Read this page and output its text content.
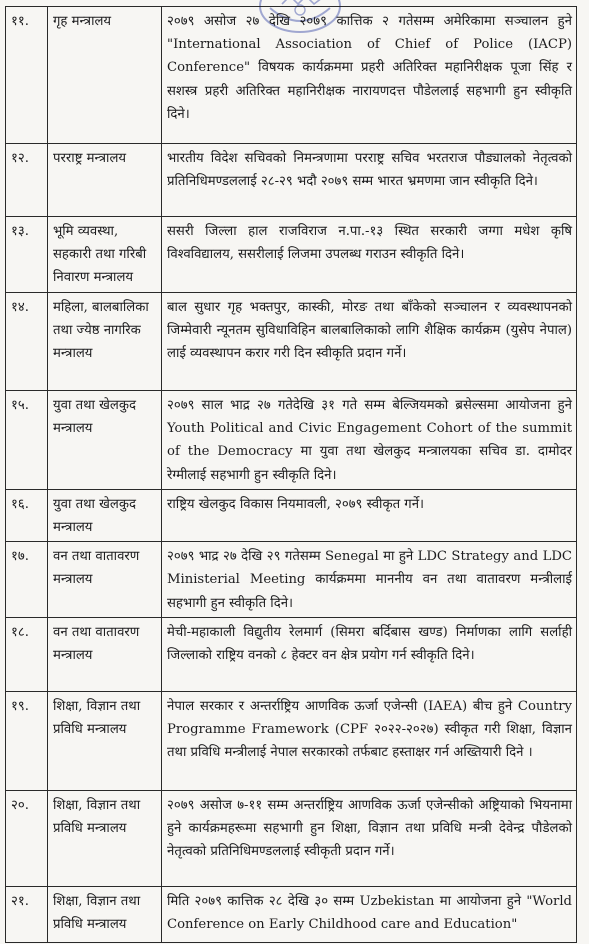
११.	गृह मन्त्रालय	२०७९ असोज २७ देखि २०७९ कात्तिक २ गतेसम्म अमेरिकामा सञ्चालन हुने "International Association of Chief of Police (IACP) Conference" विषयक कार्यक्रममा प्रहरी अतिरिक्त महानिरीक्षक पूजा सिंह र सशस्त्र प्रहरी अतिरिक्त महानिरीक्षक नारायणदत्त पौडेललाई सहभागी हुन स्वीकृति दिने।
१२.	परराष्ट्र मन्त्रालय	भारतीय विदेश सचिवको निमन्त्रणामा परराष्ट्र सचिव भरतराज पौड्यालको नेतृत्वको प्रतिनिधिमण्डललाई २८-२९ भदौ २०७९ सम्म भारत भ्रमणमा जान स्वीकृति दिने।
१३.	भूमि व्यवस्था, सहकारी तथा गरिबी निवारण मन्त्रालय	ससरी जिल्ला हाल राजविराज न.पा.-१३ स्थित सरकारी जग्गा मधेश कृषि विश्वविद्यालय, ससरीलाई लिजमा उपलब्ध गराउन स्वीकृति दिने।
१४.	महिला, बालबालिका तथा ज्येष्ठ नागरिक मन्त्रालय	बाल सुधार गृह भक्तपुर, कास्की, मोरङ तथा बाँकेको सञ्चालन र व्यवस्थापनको जिम्मेवारी न्यूनतम सुविधाविहिन बालबालिकाको लागि शैक्षिक कार्यक्रम (युसेप नेपाल) लाई व्यवस्थापन करार गरी दिन स्वीकृति प्रदान गर्ने।
१५.	युवा तथा खेलकुद मन्त्रालय	२०७९ साल भाद्र २७ गतेदेखि ३१ गते सम्म बेल्जियमको ब्रसेल्समा आयोजना हुने Youth Political and Civic Engagement Cohort of the summit of the Democracy मा युवा तथा खेलकुद मन्त्रालयका सचिव डा. दामोदर रेग्मीलाई सहभागी हुन स्वीकृति दिने।
१६.	युवा तथा खेलकुद मन्त्रालय	राष्ट्रिय खेलकुद विकास नियमावली, २०७९ स्वीकृत गर्ने।
१७.	वन तथा वातावरण मन्त्रालय	२०७९ भाद्र २७ देखि २९ गतेसम्म Senegal मा हुने LDC Strategy and LDC Ministerial Meeting कार्यक्रममा माननीय वन तथा वातावरण मन्त्रीलाई सहभागी हुन स्वीकृति दिने।
१८.	वन तथा वातावरण मन्त्रालय	मेची-महाकाली विद्युतीय रेलमार्ग (सिमरा बर्दिबास खण्ड) निर्माणका लागि सर्लाही जिल्लाको राष्ट्रिय वनको ८ हेक्टर वन क्षेत्र प्रयोग गर्न स्वीकृति दिने।
१९.	शिक्षा, विज्ञान तथा प्रविधि मन्त्रालय	नेपाल सरकार र अन्तर्राष्ट्रिय आणविक ऊर्जा एजेन्सी (IAEA) बीच हुने Country Programme Framework (CPF २०२२-२०२७) स्वीकृत गरी शिक्षा, विज्ञान तथा प्रविधि मन्त्रीलाई नेपाल सरकारको तर्फबाट हस्ताक्षर गर्न अख्तियारी दिने ।
२०.	शिक्षा, विज्ञान तथा प्रविधि मन्त्रालय	२०७९ असोज ७-११ सम्म अन्तर्राष्ट्रिय आणविक ऊर्जा एजेन्सीको अष्ट्रियाको भियनामा हुने कार्यक्रमहरूमा सहभागी हुन शिक्षा, विज्ञान तथा प्रविधि मन्त्री देवेन्द्र पौडेलको नेतृत्वको प्रतिनिधिमण्डललाई स्वीकृती प्रदान गर्ने।
२१.	शिक्षा, विज्ञान तथा प्रविधि मन्त्रालय	मिति २०७९ कात्तिक २८ देखि ३० सम्म Uzbekistan मा आयोजना हुने "World Conference on Early Childhood care and Education"
